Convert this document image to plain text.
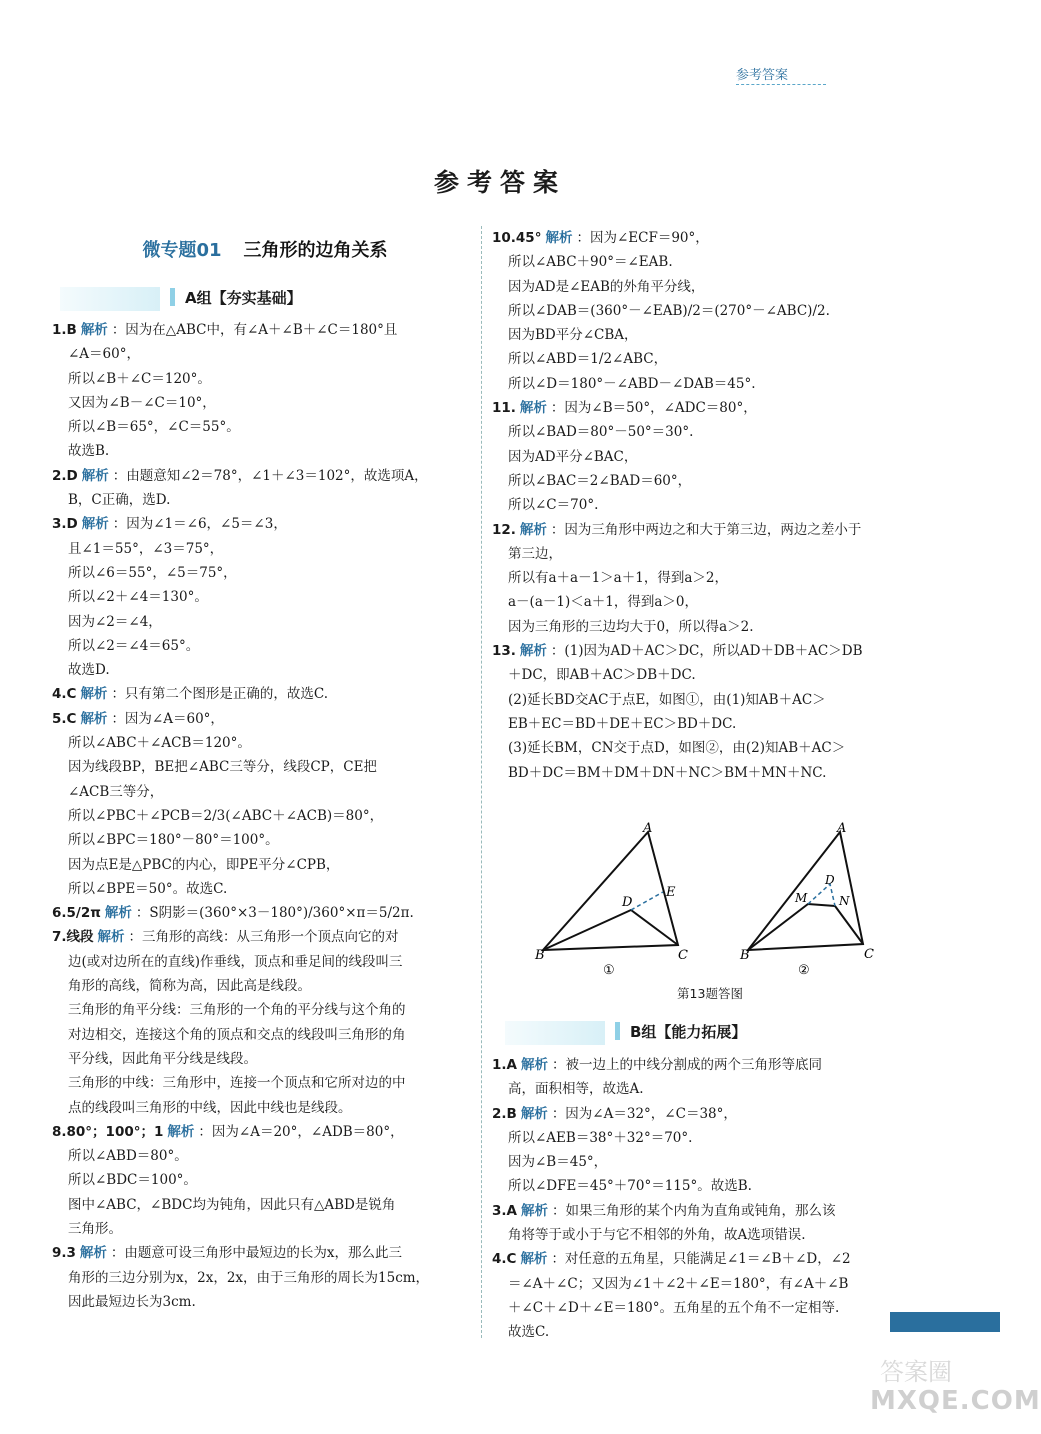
参考答案
参考答案
微专题01 三角形的边角关系
A组【夯实基础】
1.B 解析 ：因为在△ABC中，有∠A＋∠B＋∠C＝180°且
∠A＝60°，
所以∠B＋∠C＝120°。
又因为∠B－∠C＝10°，
所以∠B＝65°，∠C＝55°。
故选B.
2.D 解析 ：由题意知∠2＝78°，∠1＋∠3＝102°，故选项A，
B，C正确，选D.
3.D 解析 ：因为∠1＝∠6，∠5＝∠3，
且∠1＝55°，∠3＝75°，
所以∠6＝55°，∠5＝75°，
所以∠2＋∠4＝130°。
因为∠2＝∠4，
所以∠2＝∠4＝65°。
故选D.
4.C 解析 ：只有第二个图形是正确的，故选C.
5.C 解析 ：因为∠A＝60°，
所以∠ABC＋∠ACB＝120°。
因为线段BP，BE把∠ABC三等分，线段CP，CE把
∠ACB三等分，
所以∠PBC＋∠PCB＝2/3(∠ABC＋∠ACB)＝80°，
所以∠BPC＝180°－80°＝100°。
因为点E是△PBC的内心，即PE平分∠CPB，
所以∠BPE＝50°。故选C.
6.5/2π 解析 ：S阴影＝(360°×3－180°)/360°×π＝5/2π.
7.线段 解析 ：三角形的高线：从三角形一个顶点向它的对
边(或对边所在的直线)作垂线，顶点和垂足间的线段叫三
角形的高线，简称为高，因此高是线段。
三角形的角平分线：三角形的一个角的平分线与这个角的
对边相交，连接这个角的顶点和交点的线段叫三角形的角
平分线，因此角平分线是线段。
三角形的中线：三角形中，连接一个顶点和它所对边的中
点的线段叫三角形的中线，因此中线也是线段。
8.80°；100°；1 解析 ：因为∠A＝20°，∠ADB＝80°，
所以∠ABD＝80°。
所以∠BDC＝100°。
图中∠ABC，∠BDC均为钝角，因此只有△ABD是锐角
三角形。
9.3 解析 ：由题意可设三角形中最短边的长为x，那么此三
角形的三边分别为x，2x，2x，由于三角形的周长为15cm，
因此最短边长为3cm.
10.45° 解析 ：因为∠ECF＝90°，
所以∠ABC＋90°＝∠EAB.
因为AD是∠EAB的外角平分线，
所以∠DAB＝(360°－∠EAB)/2＝(270°－∠ABC)/2.
因为BD平分∠CBA，
所以∠ABD＝1/2∠ABC，
所以∠D＝180°－∠ABD－∠DAB＝45°.
11. 解析 ：因为∠B＝50°，∠ADC＝80°，
所以∠BAD＝80°－50°＝30°.
因为AD平分∠BAC，
所以∠BAC＝2∠BAD＝60°，
所以∠C＝70°.
12. 解析 ：因为三角形中两边之和大于第三边，两边之差小于
第三边，
所以有a＋a－1＞a＋1，得到a＞2，
a－(a－1)＜a＋1，得到a＞0，
因为三角形的三边均大于0，所以得a＞2.
13. 解析 ：(1)因为AD＋AC＞DC，所以AD＋DB＋AC＞DB
＋DC，即AB＋AC＞DB＋DC.
(2)延长BD交AC于点E，如图①，由(1)知AB＋AC＞
EB＋EC＝BD＋DE＋EC＞BD＋DC.
(3)延长BM，CN交于点D，如图②，由(2)知AB＋AC＞
BD＋DC＝BM＋DM＋DN＋NC＞BM＋MN＋NC.
A
B	C
D
E
A
B	C
D
M	N
①	②
第13题答图
B组【能力拓展】
1.A 解析 ：被一边上的中线分割成的两个三角形等底同
高，面积相等，故选A.
2.B 解析 ：因为∠A＝32°，∠C＝38°，
所以∠AEB＝38°＋32°＝70°.
因为∠B＝45°，
所以∠DFE＝45°＋70°＝115°。故选B.
3.A 解析 ：如果三角形的某个内角为直角或钝角，那么该
角将等于或小于与它不相邻的外角，故A选项错误.
4.C 解析 ：对任意的五角星，只能满足∠1＝∠B＋∠D，∠2
＝∠A＋∠C；又因为∠1＋∠2＋∠E＝180°，有∠A＋∠B
＋∠C＋∠D＋∠E＝180°。五角星的五个角不一定相等.
故选C.
答案圈
MXQE.COM
